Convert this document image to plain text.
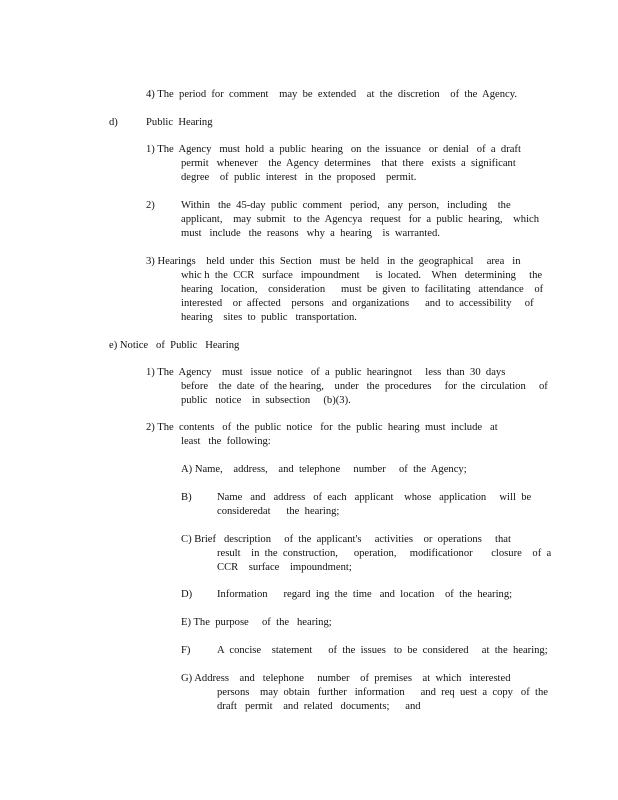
4) The  period  for  comment    may  be  extended    at  the  discretion    of  the  Agency.

d)	Public  Hearing

1) The  Agency   must  hold  a  public  hearing   on  the  issuance   or  denial   of  a  draft

permit   whenever    the  Agency  determines    that  there   exists  a  significant

degree    of  public  interest   in  the  proposed    permit.

2) Within   the  45-day  public  comment   period,   any  person,   including    the

applicant,    may  submit   to  the  Agencya   request   for  a  public  hearing,    which

must   include   the  reasons   why  a  hearing    is  warranted.

3) Hearings    held  under  this  Section   must  be  held   in  the  geographical     area   in

whic h  the  CCR   surface   impoundment      is  located.    When   determining     the

hearing   location,    consideration      must  be  given  to  facilitating   attendance    of

interested    or  affected    persons   and  organizations      and  to  accessibility     of

hearing    sites  to  public   transportation.

e) Notice   of  Public   Hearing

1) The  Agency    must   issue  notice   of  a  public  hearingnot     less  than  30  days

before    the  date  of  the hearing,    under   the  procedures     for  the  circulation     of

public   notice    in  subsection     (b)(3).

2) The  contents   of  the  public  notice   for  the  public  hearing  must  include   at

least   the  following:

A) Name,    address,    and  telephone     number     of  the  Agency;

B) Name   and   address   of  each   applicant    whose   application     will  be

consideredat      the  hearing;

C) Brief   description     of  the  applicant's     activities    or  operations     that

result    in  the  construction,      operation,     modificationor       closure    of  a

CCR    surface    impoundment;

D) Information      regard  ing  the  time   and  location    of  the  hearing;

E) The  purpose     of  the   hearing;

F)	A  concise    statement      of  the  issues   to  be  considered     at  the  hearing;

G) Address    and   telephone     number    of  premises    at  which   interested

persons    may  obtain   further   information      and  req  uest  a  copy   of  the

draft   permit    and  related   documents;      and
